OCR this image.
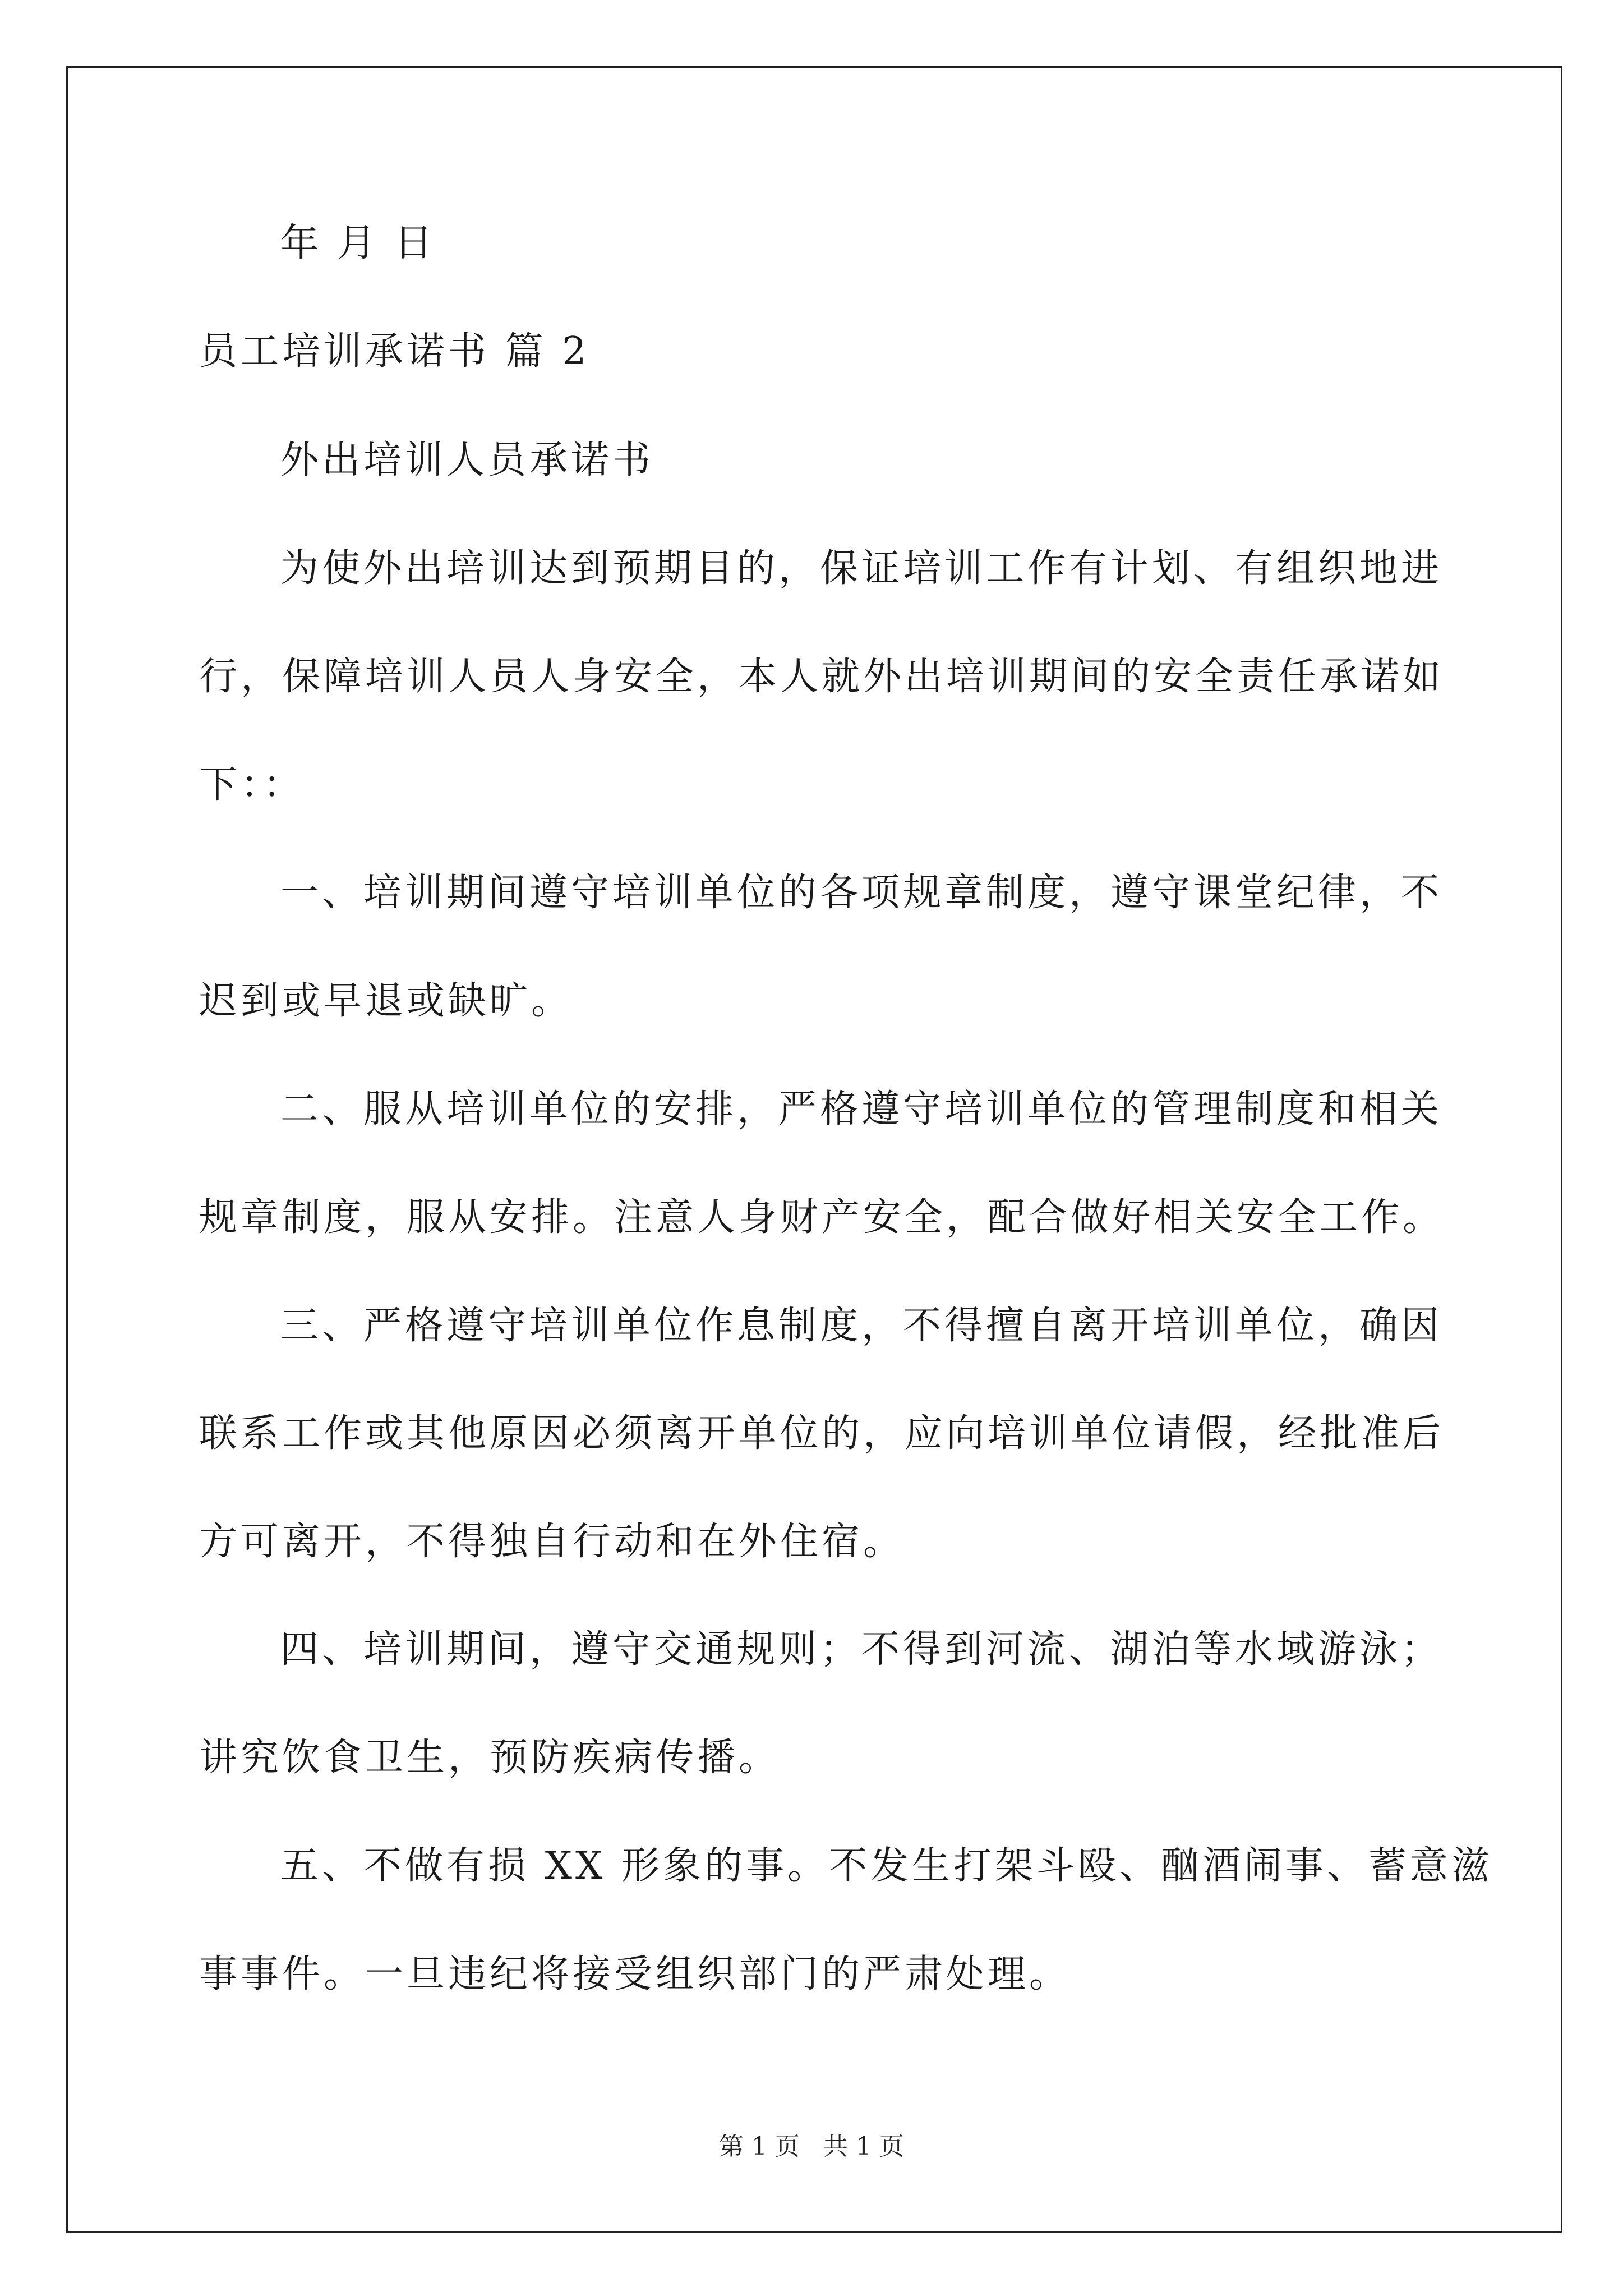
年 月 日
员工培训承诺书 篇 2
外出培训人员承诺书
为使外出培训达到预期目的，保证培训工作有计划、有组织地进
行，保障培训人员人身安全，本人就外出培训期间的安全责任承诺如
下：：
一、培训期间遵守培训单位的各项规章制度，遵守课堂纪律，不
迟到或早退或缺旷。
二、服从培训单位的安排，严格遵守培训单位的管理制度和相关
规章制度，服从安排。注意人身财产安全，配合做好相关安全工作。
三、严格遵守培训单位作息制度，不得擅自离开培训单位，确因
联系工作或其他原因必须离开单位的，应向培训单位请假，经批准后
方可离开，不得独自行动和在外住宿。
四、培训期间，遵守交通规则；不得到河流、湖泊等水域游泳；
讲究饮食卫生，预防疾病传播。
五、不做有损 XX 形象的事。不发生打架斗殴、酗酒闹事、蓄意滋
事事件。一旦违纪将接受组织部门的严肃处理。
第 1 页 共 1 页
